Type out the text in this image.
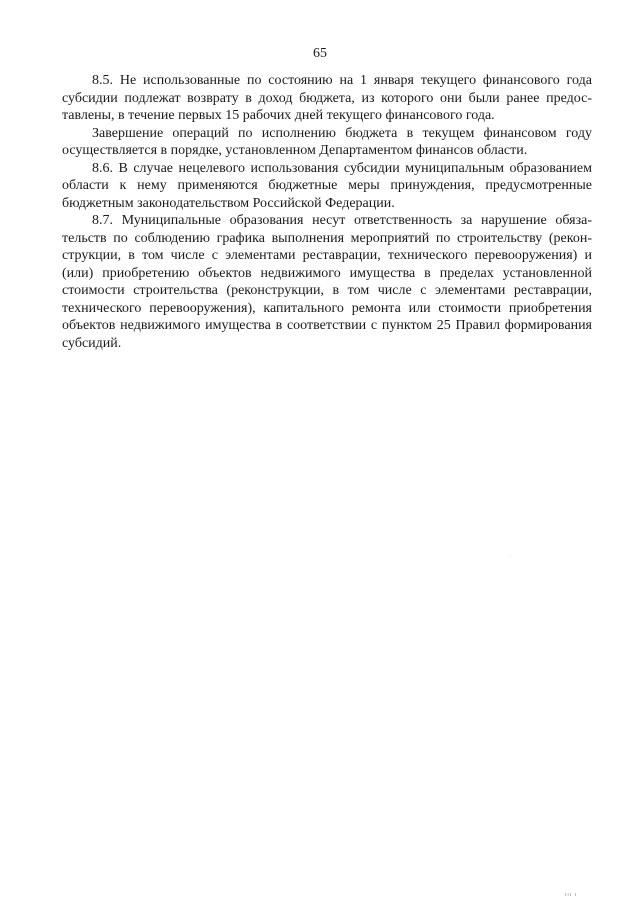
65

8.5. Не использованные по состоянию на 1 января текущего финансового года субсидии подлежат возврату в доход бюджета, из которого они были ранее предоставлены, в течение первых 15 рабочих дней текущего финансового года.

Завершение операций по исполнению бюджета в текущем финансовом году осуществляется в порядке, установленном Департаментом финансов области.

8.6. В случае нецелевого использования субсидии муниципальным образованием области к нему применяются бюджетные меры принуждения, предусмотренные бюджетным законодательством Российской Федерации.

8.7. Муниципальные образования несут ответственность за нарушение обязательств по соблюдению графика выполнения мероприятий по строительству (реконструкции, в том числе с элементами реставрации, технического перевооружения) и (или) приобретению объектов недвижимого имущества в пределах установленной стоимости строительства (реконструкции, в том числе с элементами реставрации, технического перевооружения), капитального ремонта или стоимости приобретения объектов недвижимого имущества в соответствии с пунктом 25 Правил формирования субсидий.

.
ııı ı
